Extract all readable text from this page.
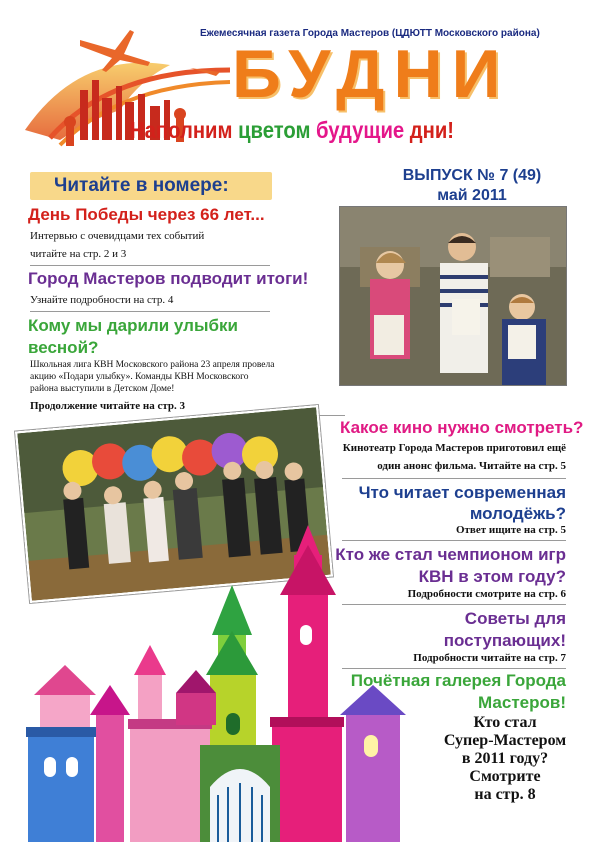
Ежемесячная газета Города Мастеров (ЦДЮТТ Московского района)
БУДНИ
Наполним цветом будущие дни!
ВЫПУСК № 7 (49)
май 2011
Читайте в номере:
День Победы через 66 лет...
Интервью с очевидцами тех событий
читайте на стр. 2 и 3
Город Мастеров подводит итоги!
Узнайте подробности на стр. 4
Кому мы дарили улыбки
весной?
Школьная лига КВН Московского района 23 апреля провела
акцию «Подари улыбку». Команды КВН Московского
района выступили в Детском Доме!
Продолжение читайте на стр. 3
Какое кино нужно смотреть?
Кинотеатр Города Мастеров приготовил ещё
один анонс фильма. Читайте на стр. 5
Что читает современная
молодёжь?
Ответ ищите на стр. 5
Кто же стал чемпионом игр
КВН в этом году?
Подробности смотрите на стр. 6
Советы для
поступающих!
Подробности читайте на стр. 7
Почётная галерея Города
Мастеров!
Кто стал
Супер-Мастером
в 2011 году?
Смотрите
на стр. 8
